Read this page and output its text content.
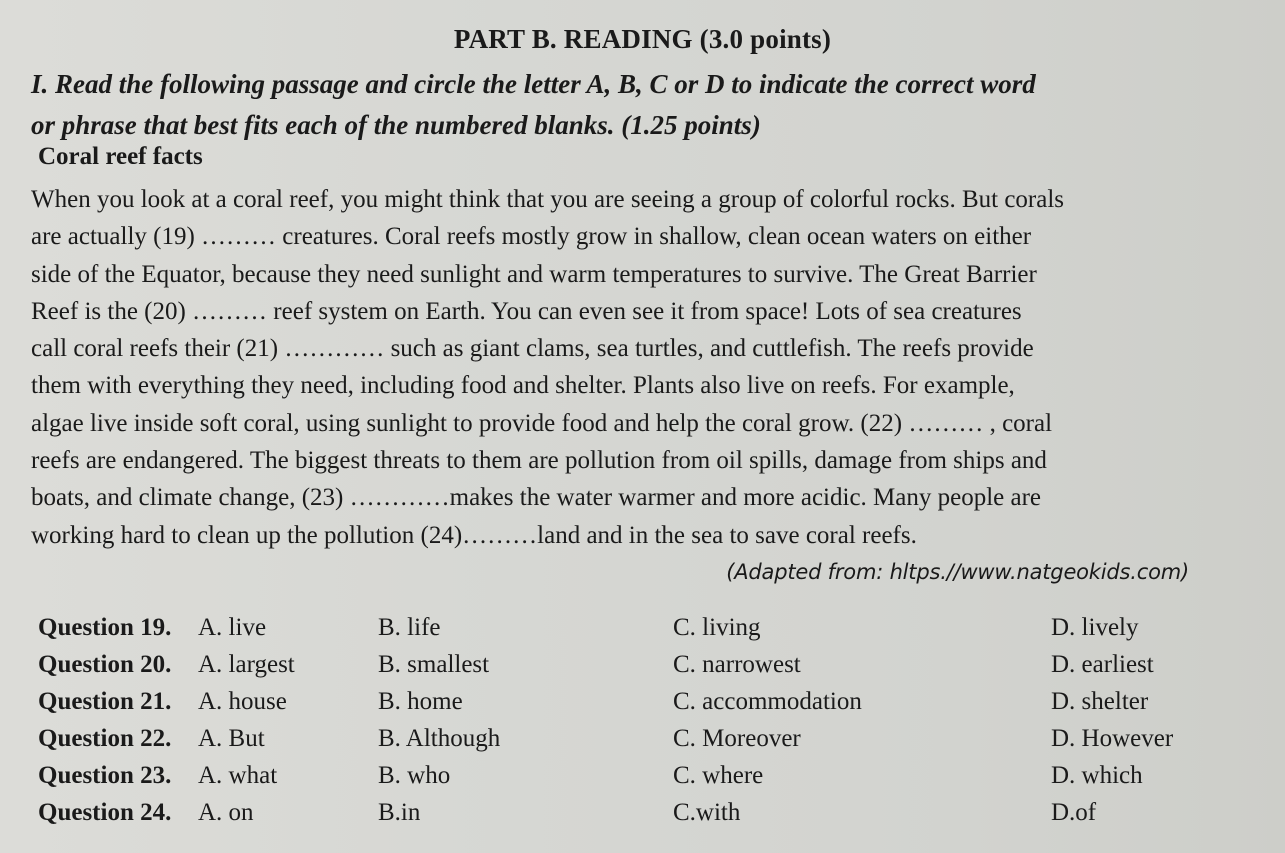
PART B. READING (3.0 points)
I. Read the following passage and circle the letter A, B, C or D to indicate the correct word
or phrase that best fits each of the numbered blanks. (1.25 points)
Coral reef facts
When you look at a coral reef, you might think that you are seeing a group of colorful rocks. But corals
are actually (19) ……… creatures. Coral reefs mostly grow in shallow, clean ocean waters on either
side of the Equator, because they need sunlight and warm temperatures to survive. The Great Barrier
Reef is the (20) ……… reef system on Earth. You can even see it from space! Lots of sea creatures
call coral reefs their (21) ………… such as giant clams, sea turtles, and cuttlefish. The reefs provide
them with everything they need, including food and shelter. Plants also live on reefs. For example,
algae live inside soft coral, using sunlight to provide food and help the coral grow. (22) ……… , coral
reefs are endangered. The biggest threats to them are pollution from oil spills, damage from ships and
boats, and climate change, (23) …………makes the water warmer and more acidic. Many people are
working hard to clean up the pollution (24)………land and in the sea to save coral reefs.
(Adapted from: hltps.//www.natgeokids.com)
Question 19. A. live	B. life	C. living	D. lively
Question 20. A. largest	B. smallest	C. narrowest	D. earliest
Question 21. A. house	B. home	C. accommodation	D. shelter
Question 22. A. But	B. Although	C. Moreover	D. However
Question 23. A. what	B. who	C. where	D. which
Question 24. A. on	B.in	C.with	D.of
